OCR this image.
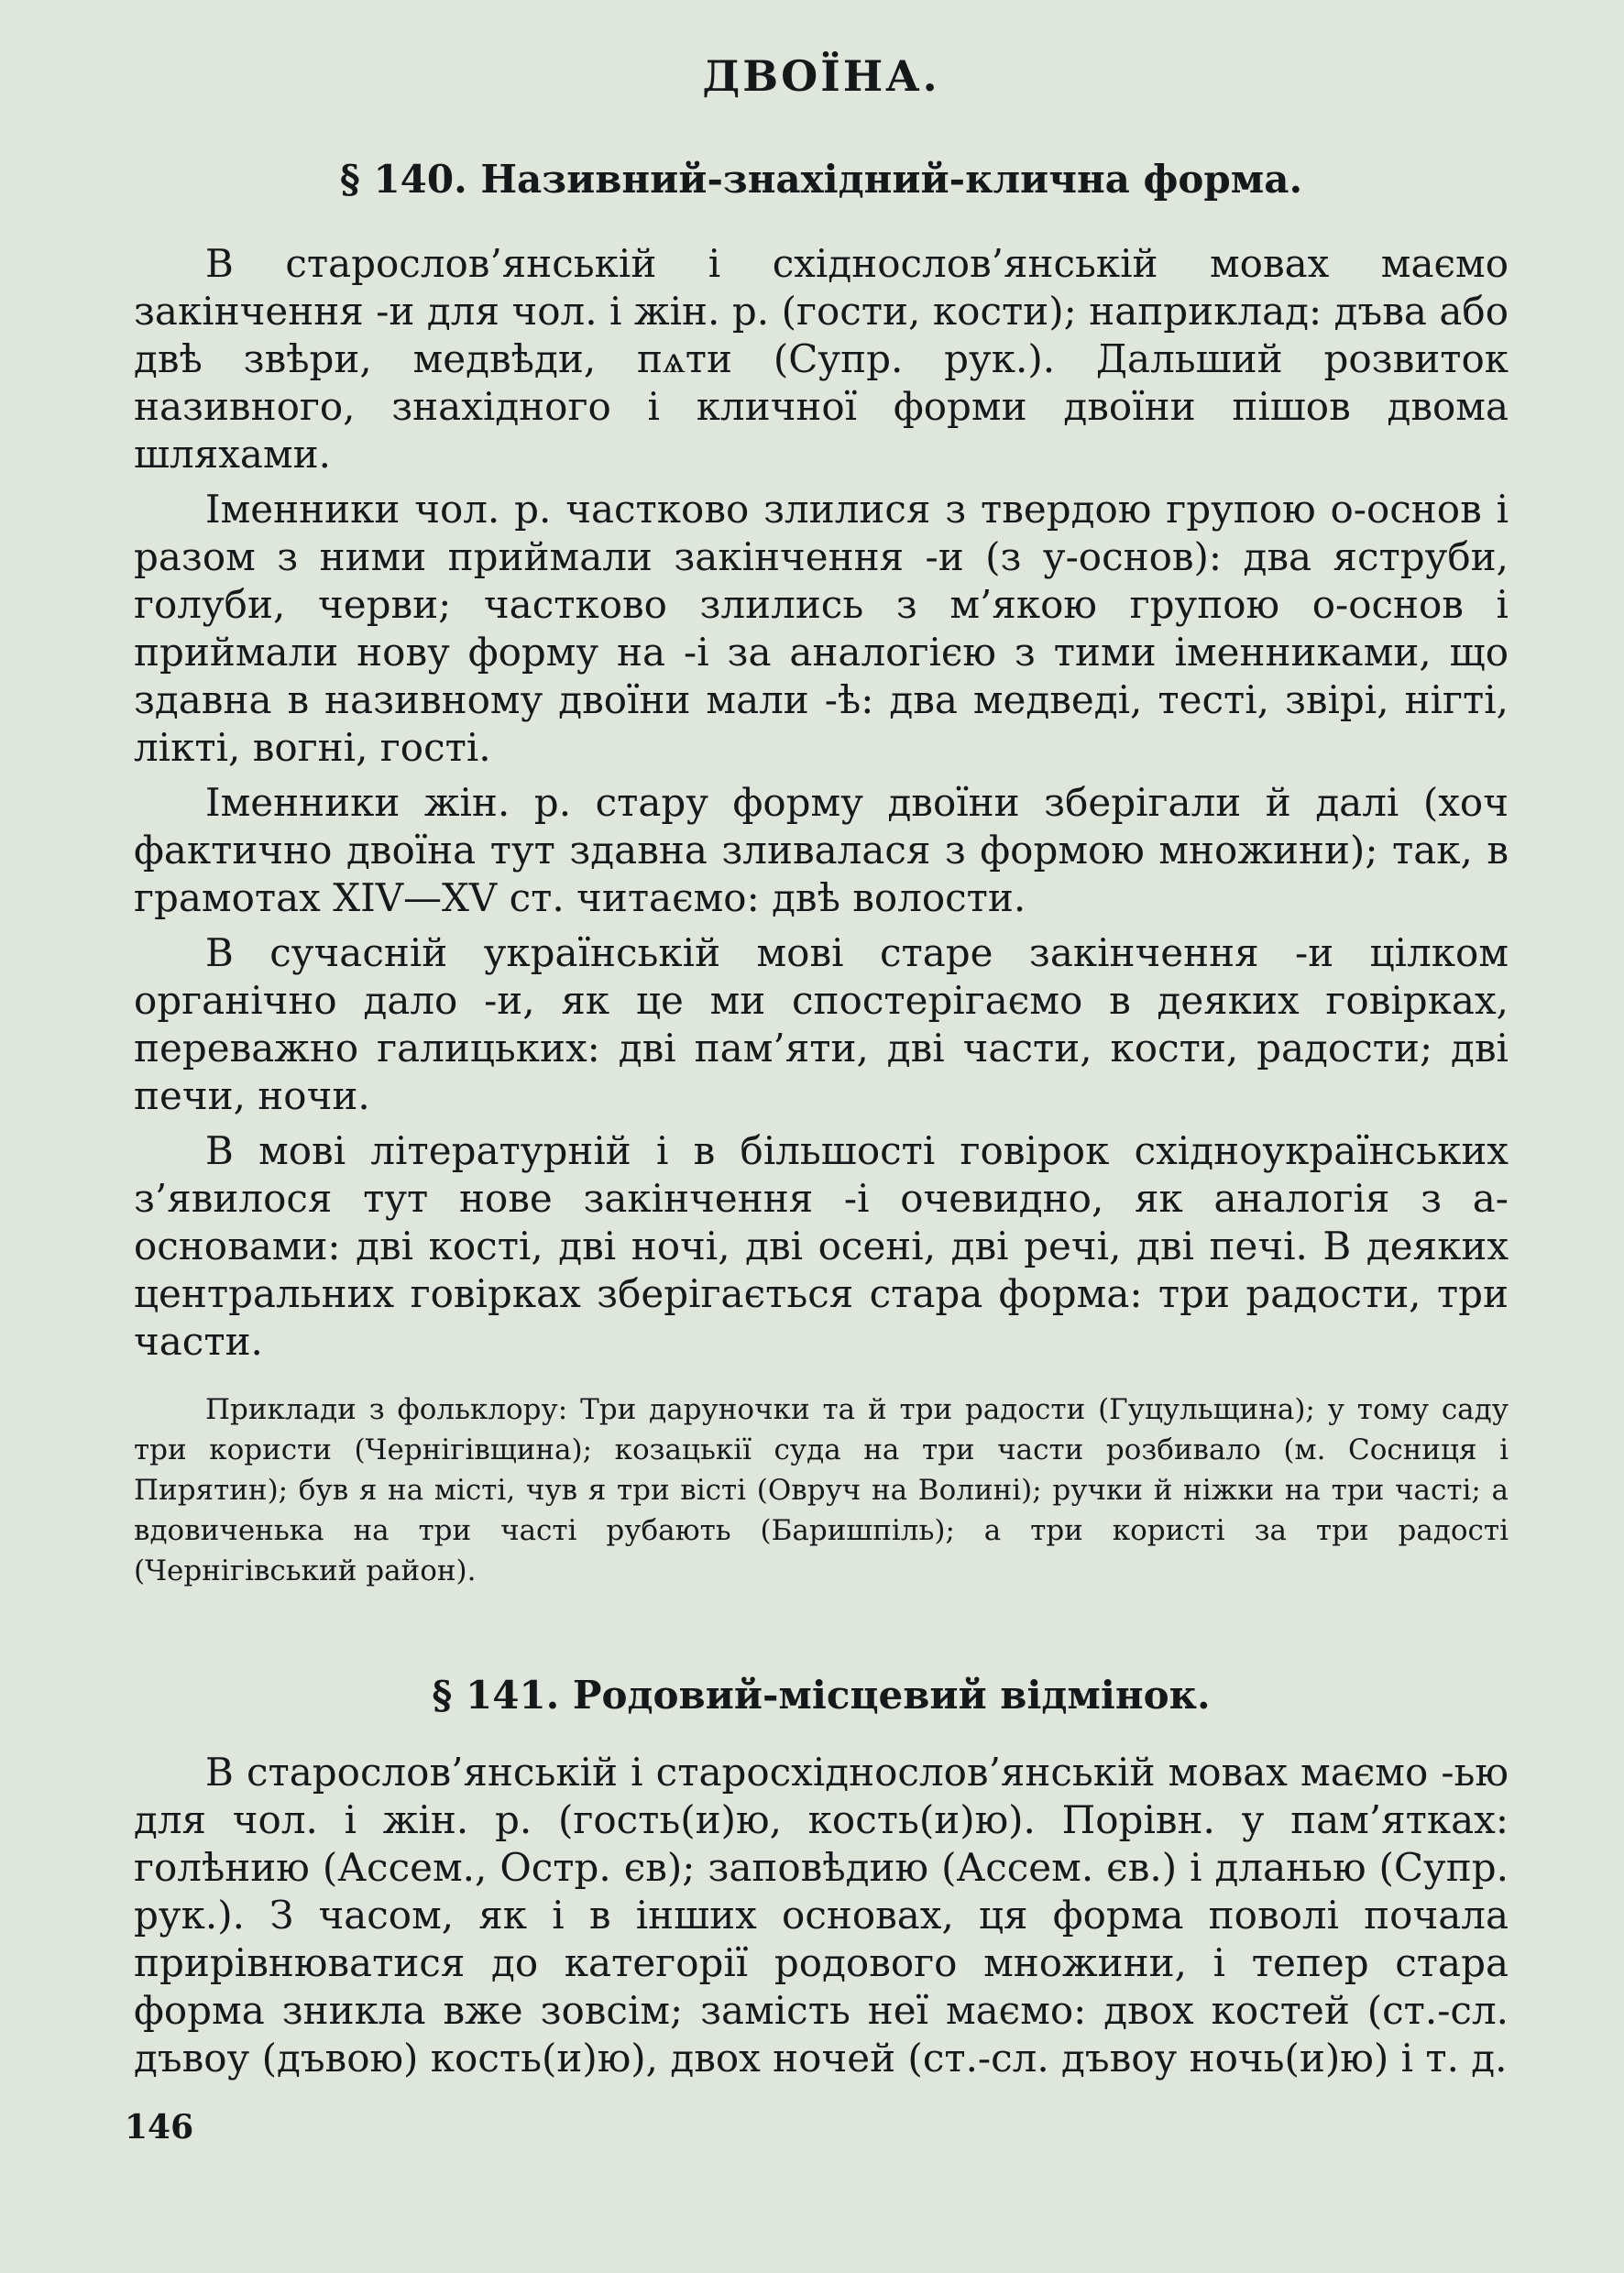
ДВОЇНА.
§ 140. Називний-знахідний-клична форма.

В старослов’янській і східнослов’янській мовах маємо закінчення -и для чол. і жін. р. (гости, кости); наприклад: дъва або двѣ звѣри, медвѣди, пѧти (Супр. рук.). Дальший розвиток називного, знахідного і кличної форми двоїни пішов двома шляхами.

Іменники чол. р. частково злилися з твердою групою о-основ і разом з ними приймали закінчення -и (з у-основ): два яструби, голуби, черви; частково злились з м’якою групою о-основ і приймали нову форму на -і за аналогією з тими іменниками, що здавна в називному двоїни мали -ѣ: два медведі, тесті, звірі, нігті, лікті, вогні, гості.

Іменники жін. р. стару форму двоїни зберігали й далі (хоч фактично двоїна тут здавна зливалася з формою множини); так, в грамотах XIV—XV ст. читаємо: двѣ волости.

В сучасній українській мові старе закінчення -и цілком органічно дало -и, як це ми спостерігаємо в деяких говірках, переважно галицьких: дві пам’яти, дві части, кости, радости; дві печи, ночи.

В мові літературній і в більшості говірок східноукраїнських з’явилося тут нове закінчення -і очевидно, як аналогія з а-основами: дві кості, дві ночі, дві осені, дві речі, дві печі. В деяких центральних говірках зберігається стара форма: три радости, три части.

Приклади з фольклору: Три даруночки та й три радости (Гуцульщина); у тому саду три користи (Чернігівщина); козацькії суда на три части розбивало (м. Сосниця і Пирятин); був я на місті, чув я три вісті (Овруч на Волині); ручки й ніжки на три часті; а вдовиченька на три часті рубають (Баришпіль); а три користі за три радості (Чернігівський район).

§ 141. Родовий-місцевий відмінок.

В старослов’янській і старосхіднослов’янській мовах маємо -ью для чол. і жін. р. (гость(и)ю, кость(и)ю). Порівн. у пам’ятках: голѣнию (Ассем., Остр. єв); заповѣдию (Ассем. єв.) і дланью (Супр. рук.). З часом, як і в інших основах, ця форма поволі почала прирівнюватися до категорії родового множини, і тепер стара форма зникла вже зовсім; замість неї маємо: двох костей (ст.-сл. дъвоу (дъвою) кость(и)ю), двох ночей (ст.-сл. дъвоу ночь(и)ю) і т. д.

146
